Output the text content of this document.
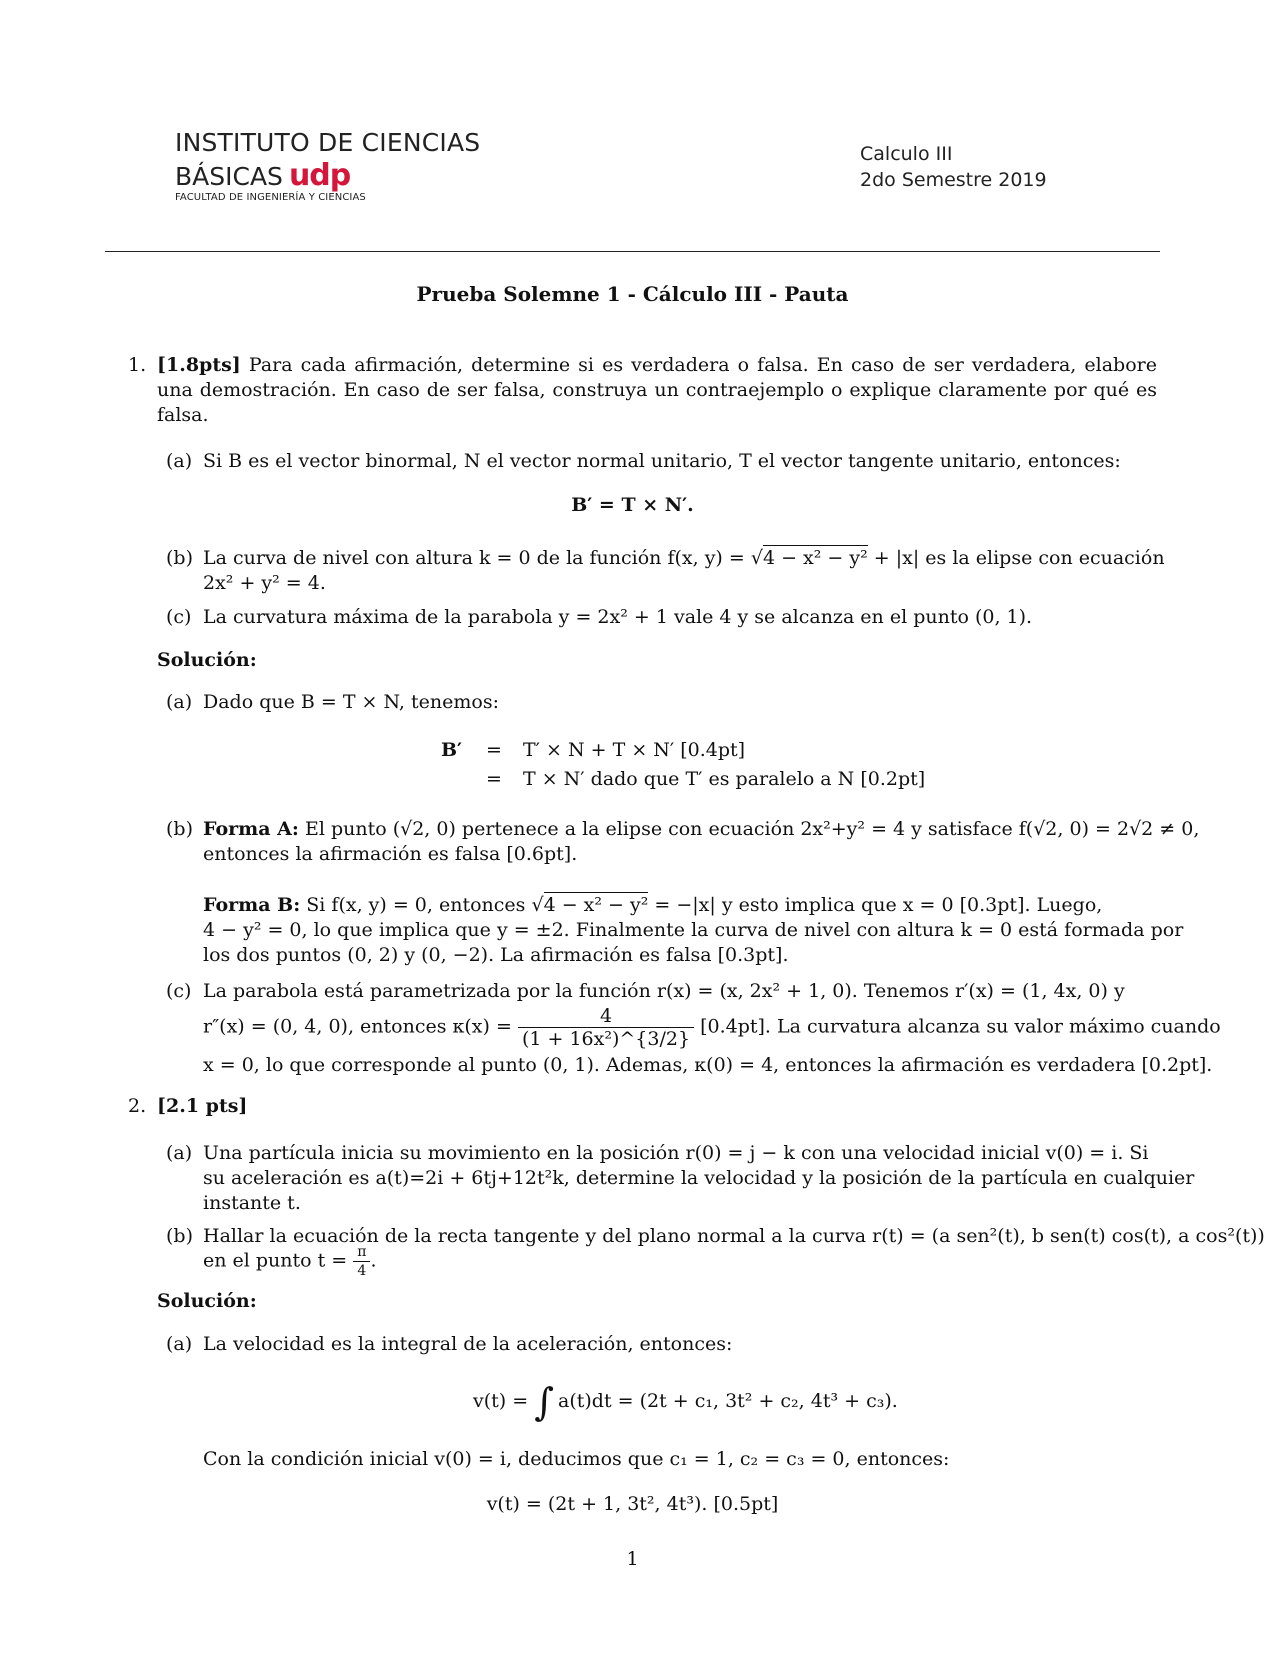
INSTITUTO DE CIENCIAS
BÁSICAS udp
FACULTAD DE INGENIERÍA Y CIENCIAS
Calculo III
2do Semestre 2019
Prueba Solemne 1 - Cálculo III - Pauta
1. [1.8pts] Para cada afirmación, determine si es verdadera o falsa. En caso de ser verdadera, elabore una demostración. En caso de ser falsa, construya un contraejemplo o explique claramente por qué es falsa.
(a) Si B es el vector binormal, N el vector normal unitario, T el vector tangente unitario, entonces:
B′ = T × N′.
(b) La curva de nivel con altura k = 0 de la función f(x, y) = √4 − x² − y² + |x| es la elipse con ecuación
2x² + y² = 4.
(c) La curvatura máxima de la parabola y = 2x² + 1 vale 4 y se alcanza en el punto (0, 1).
Solución:
(a) Dado que B = T × N, tenemos:
B′ = T′ × N + T × N′ [0.4pt]
= T × N′ dado que T′ es paralelo a N [0.2pt]
(b) Forma A: El punto (√2, 0) pertenece a la elipse con ecuación 2x²+y² = 4 y satisface f(√2, 0) = 2√2 ≠ 0,
entonces la afirmación es falsa [0.6pt].
Forma B: Si f(x, y) = 0, entonces √4 − x² − y² = −|x| y esto implica que x = 0 [0.3pt]. Luego,
4 − y² = 0, lo que implica que y = ±2. Finalmente la curva de nivel con altura k = 0 está formada por
los dos puntos (0, 2) y (0, −2). La afirmación es falsa [0.3pt].
(c) La parabola está parametrizada por la función r(x) = (x, 2x² + 1, 0). Tenemos r′(x) = (1, 4x, 0) y
r″(x) = (0, 4, 0), entonces $\kappa(x) = \frac{4}{\text{(1 + 16x²)\textasciicircum{}\{3/2\}}} [0.4pt]$. La curvatura alcanza su valor máximo cuando
x = 0, lo que corresponde al punto (0, 1). Ademas, κ(0) = 4, entonces la afirmación es verdadera [0.2pt].
2. [2.1 pts]
(a) Una partícula inicia su movimiento en la posición r(0) = j − k con una velocidad inicial v(0) = i. Si
su aceleración es a(t)=2i + 6tj+12t²k, determine la velocidad y la posición de la partícula en cualquier
instante t.
(b) Hallar la ecuación de la recta tangente y del plano normal a la curva r(t) = (a sen²(t), b sen(t) cos(t), a cos²(t))
en el punto $t = \frac{\pi}{4}$ .
Solución:
(a) La velocidad es la integral de la aceleración, entonces:
v(t) = ∫ a(t)dt = (2t + c₁, 3t² + c₂, 4t³ + c₃).
Con la condición inicial v(0) = i, deducimos que c₁ = 1, c₂ = c₃ = 0, entonces:
v(t) = (2t + 1, 3t², 4t³). [0.5pt]
1
